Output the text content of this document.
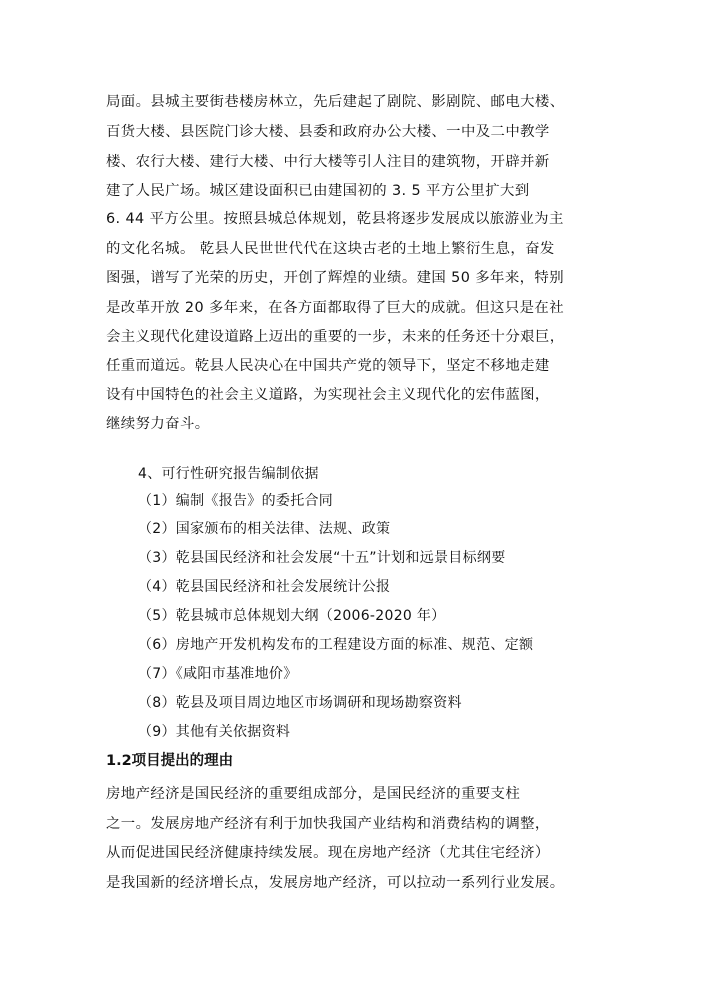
局面。县城主要街巷楼房林立，先后建起了剧院、影剧院、邮电大楼、

百货大楼、县医院门诊大楼、县委和政府办公大楼、一中及二中教学

楼、农行大楼、建行大楼、中行大楼等引人注目的建筑物，开辟并新

建了人民广场。城区建设面积已由建国初的 3. 5 平方公里扩大到

6. 44 平方公里。按照县城总体规划，乾县将逐步发展成以旅游业为主

的文化名城。 乾县人民世世代代在这块古老的土地上繁衍生息，奋发

图强，谱写了光荣的历史，开创了辉煌的业绩。建国 50 多年来，特别

是改革开放 20 多年来，在各方面都取得了巨大的成就。但这只是在社

会主义现代化建设道路上迈出的重要的一步，未来的任务还十分艰巨，

任重而道远。乾县人民决心在中国共产党的领导下，坚定不移地走建

设有中国特色的社会主义道路，为实现社会主义现代化的宏伟蓝图，

继续努力奋斗。

4、可行性研究报告编制依据

（1）编制《报告》的委托合同

（2）国家颁布的相关法律、法规、政策

（3）乾县国民经济和社会发展“十五”计划和远景目标纲要

（4）乾县国民经济和社会发展统计公报

（5）乾县城市总体规划大纲（2006-2020 年）

（6）房地产开发机构发布的工程建设方面的标准、规范、定额

（7）《咸阳市基准地价》

（8）乾县及项目周边地区市场调研和现场勘察资料

（9）其他有关依据资料

1.2项目提出的理由

房地产经济是国民经济的重要组成部分，是国民经济的重要支柱

之一。发展房地产经济有利于加快我国产业结构和消费结构的调整，

从而促进国民经济健康持续发展。现在房地产经济（尤其住宅经济）

是我国新的经济增长点，发展房地产经济，可以拉动一系列行业发展。
